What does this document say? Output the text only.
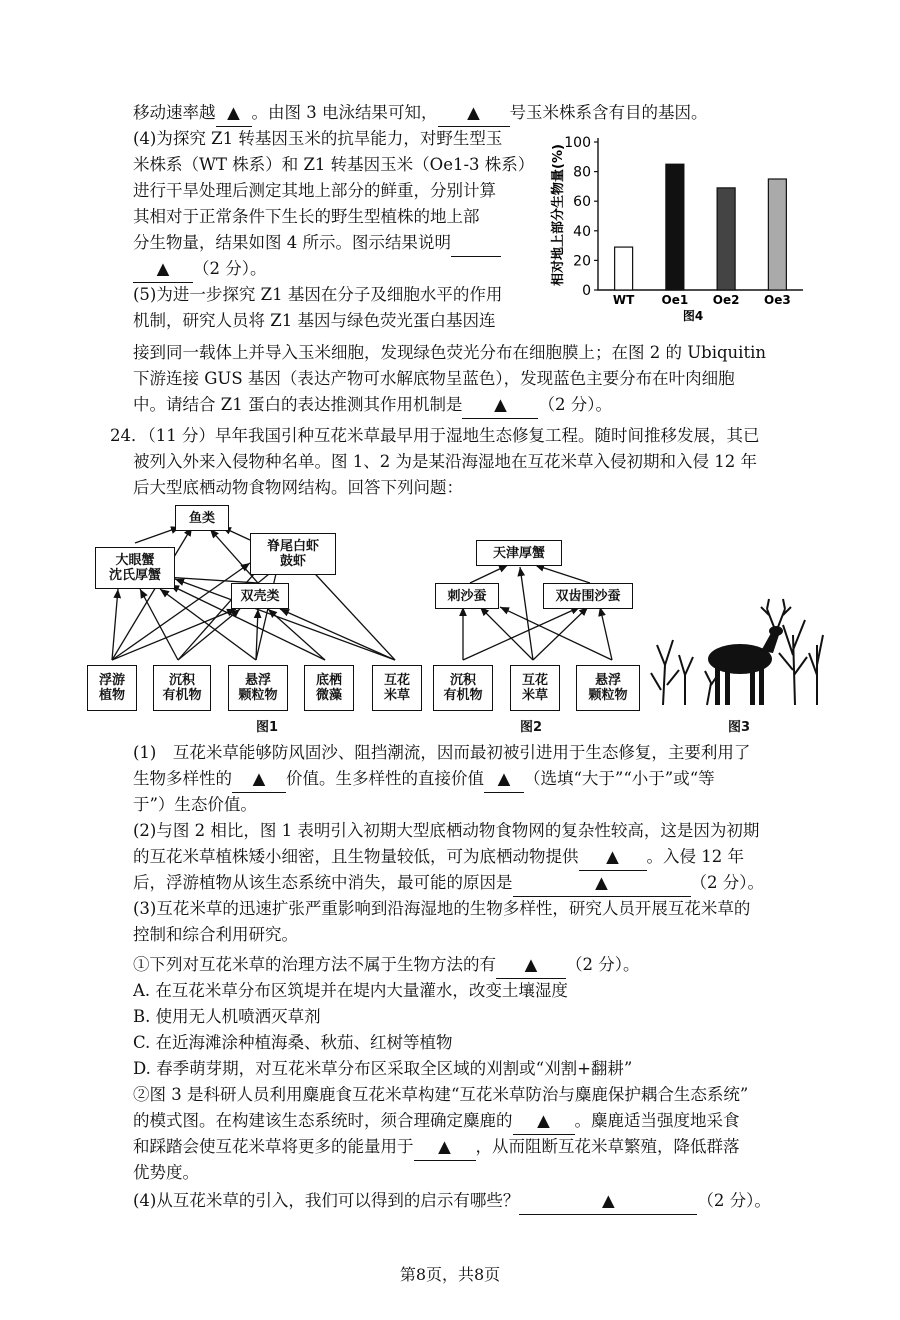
移动速率越 ▲ 。由图 3 电泳结果可知， ▲ 号玉米株系含有目的基因。
(4)为探究 Z1 转基因玉米的抗旱能力，对野生型玉
米株系（WT 株系）和 Z1 转基因玉米（Oe1-3 株系）
进行干旱处理后测定其地上部分的鲜重，分别计算
其相对于正常条件下生长的野生型植株的地上部
分生物量，结果如图 4 所示。图示结果说明
▲ （2 分）。
(5)为进一步探究 Z1 基因在分子及细胞水平的作用
机制，研究人员将 Z1 基因与绿色荧光蛋白基因连
接到同一载体上并导入玉米细胞，发现绿色荧光分布在细胞膜上；在图 2 的 Ubiquitin
下游连接 GUS 基因（表达产物可水解底物呈蓝色），发现蓝色主要分布在叶肉细胞
中。请结合 Z1 蛋白的表达推测其作用机制是 ▲ （2 分）。
24．（11 分）早年我国引种互花米草最早用于湿地生态修复工程。随时间推移发展，其已
被列入外来入侵物种名单。图 1、2 为是某沿海湿地在互花米草入侵初期和入侵 12 年
后大型底栖动物食物网结构。回答下列问题：
相对地上部分生物量(%)
WT Oe1 Oe2 Oe3
0
20
40
60
80
100
图4
鱼类
大眼蟹
沈氏厚蟹
脊尾白虾
鼓虾
双壳类
浮游
植物
沉积
有机物
悬浮
颗粒物
底栖
微藻
互花
米草
图1
天津厚蟹
刺沙蚕	双齿围沙蚕
沉积
有机物
互花
米草
悬浮
颗粒物
图2	图3
(1)　互花米草能够防风固沙、阻挡潮流，因而最初被引进用于生态修复，主要利用了
生物多样性的 ▲ 价值。生多样性的直接价值 ▲ （选填“大于”“小于”或“等
于”）生态价值。
(2)与图 2 相比，图 1 表明引入初期大型底栖动物食物网的复杂性较高，这是因为初期
的互花米草植株矮小细密，且生物量较低，可为底栖动物提供 ▲ 。入侵 12 年
后，浮游植物从该生态系统中消失，最可能的原因是	▲	（2 分）。
(3)互花米草的迅速扩张严重影响到沿海湿地的生物多样性，研究人员开展互花米草的
控制和综合利用研究。
①下列对互花米草的治理方法不属于生物方法的有 ▲ （2 分）。
A. 在互花米草分布区筑堤并在堤内大量灌水，改变土壤湿度
B. 使用无人机喷洒灭草剂
C. 在近海滩涂种植海桑、秋茄、红树等植物
D. 春季萌芽期，对互花米草分布区采取全区域的刈割或“刈割+翻耕”
②图 3 是科研人员利用麋鹿食互花米草构建“互花米草防治与麋鹿保护耦合生态系统”
的模式图。在构建该生态系统时，须合理确定麋鹿的 ▲ 。麋鹿适当强度地采食
和踩踏会使互花米草将更多的能量用于 ▲ ，从而阻断互花米草繁殖，降低群落
优势度。
(4)从互花米草的引入，我们可以得到的启示有哪些？	▲	（2 分）。
第8页，共8页
